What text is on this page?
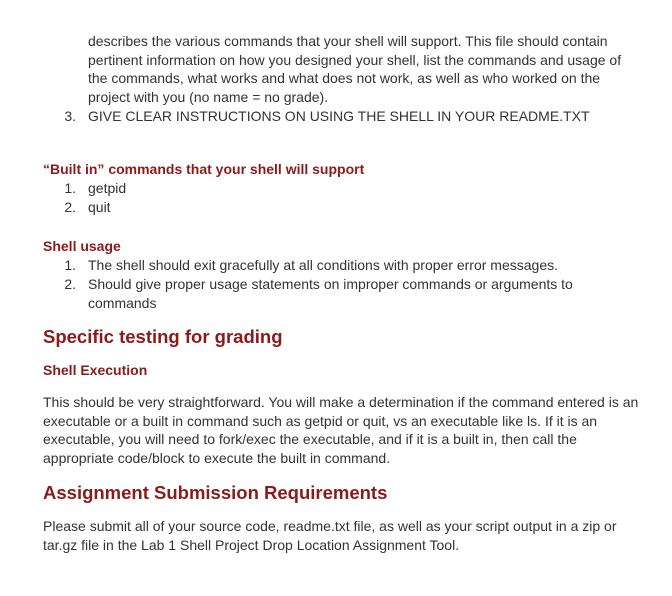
describes the various commands that your shell will support. This file should contain
pertinent information on how you designed your shell, list the commands and usage of
the commands, what works and what does not work, as well as who worked on the
project with you (no name = no grade).
3. GIVE CLEAR INSTRUCTIONS ON USING THE SHELL IN YOUR README.TXT
“Built in” commands that your shell will support
1. getpid
2. quit
Shell usage
1. The shell should exit gracefully at all conditions with proper error messages.
2. Should give proper usage statements on improper commands or arguments to
commands
Specific testing for grading
Shell Execution
This should be very straightforward. You will make a determination if the command entered is an
executable or a built in command such as getpid or quit, vs an executable like ls. If it is an
executable, you will need to fork/exec the executable, and if it is a built in, then call the
appropriate code/block to execute the built in command.
Assignment Submission Requirements
Please submit all of your source code, readme.txt file, as well as your script output in a zip or
tar.gz file in the Lab 1 Shell Project Drop Location Assignment Tool.
